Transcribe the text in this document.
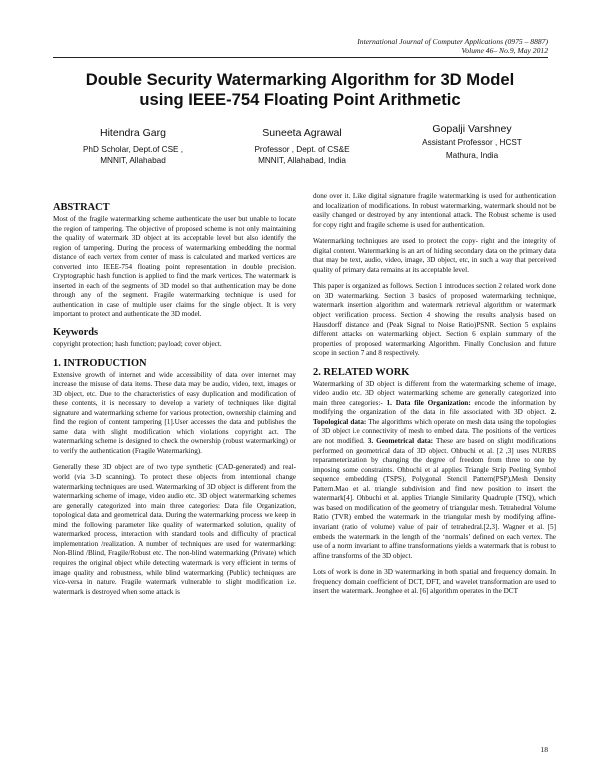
International Journal of Computer Applications (0975 – 8887)
Volume 46– No.9, May 2012
Double Security Watermarking Algorithm for 3D Model
using IEEE-754 Floating Point Arithmetic
Hitendra Garg
PhD Scholar, Dept.of CSE ,
MNNIT, Allahabad
Suneeta Agrawal
Professor , Dept. of CS&E
MNNIT, Allahabad, India
Gopalji Varshney
Assistant Professor , HCST
Mathura, India
ABSTRACT

Most of the fragile watermarking scheme authenticate the user but unable to locate the region of tampering. The objective of proposed scheme is not only maintaining the quality of watermark 3D object at its acceptable level but also identify the region of tampering. During the process of watermarking embedding the normal distance of each vertex from center of mass is calculated and marked vertices are converted into IEEE-754 floating point representation in double precision. Cryptographic hash function is applied to find the mark vertices. The watermark is inserted in each of the segments of 3D model so that authentication may be done through any of the segment. Fragile watermarking technique is used for authentication in case of multiple user claims for the single object. It is very important to protect and authenticate the 3D model.

Keywords

copyright protection; hash function; payload; cover object.

1. INTRODUCTION

Extensive growth of internet and wide accessibility of data over internet may increase the misuse of data items. These data may be audio, video, text, images or 3D object, etc. Due to the characteristics of easy duplication and modification of these contents, it is necessary to develop a variety of techniques like digital signature and watermarking scheme for various protection, ownership claiming and find the region of content tampering [1].User accesses the data and publishes the same data with slight modification which violations copyright act. The watermarking scheme is designed to check the ownership (robust watermarking) or to verify the authentication (Fragile Watermarking).

Generally these 3D object are of two type synthetic (CAD-generated) and real-world (via 3-D scanning). To protect these objects from intentional change watermarking techniques are used. Watermarking of 3D object is different from the watermarking scheme of image, video audio etc. 3D object watermarking schemes are generally categorized into main three categories: Data file Organization, topological data and geometrical data. During the watermarking process we keep in mind the following parameter like quality of watermarked solution, quality of watermarked process, interaction with standard tools and difficulty of practical implementation /realization. A number of techniques are used for watermarking: Non-Blind /Blind, Fragile/Robust etc. The non-blind watermarking (Private) which requires the original object while detecting watermark is very efficient in terms of image quality and robustness, while blind watermarking (Public) techniques are vice-versa in nature. Fragile watermark vulnerable to slight modification i.e. watermark is destroyed when some attack is

done over it. Like digital signature fragile watermarking is used for authentication and localization of modifications. In robust watermarking, watermark should not be easily changed or destroyed by any intentional attack. The Robust scheme is used for copy right and fragile scheme is used for authentication.

Watermarking techniques are used to protect the copy- right and the integrity of digital content. Watermarking is an art of hiding secondary data on the primary data that may be text, audio, video, image, 3D object, etc, in such a way that perceived quality of primary data remains at its acceptable level.

This paper is organized as follows. Section 1 introduces section 2 related work done on 3D watermarking. Section 3 basics of proposed watermarking technique, watermark insertion algorithm and watermark retrieval algorithm or watermark object verification process. Section 4 showing the results analysis based on Hausdorff distance and (Peak Signal to Noise Ratio)PSNR. Section 5 explains different attacks on watermarking object. Section 6 explain summary of the properties of proposed watermarking Algorithm. Finally Conclusion and future scope in section 7 and 8 respectively.

2. RELATED WORK

Watermarking of 3D object is different from the watermarking scheme of image, video audio etc. 3D object watermarking scheme are generally categorized into main three categories:- 1. Data file Organization: encode the information by modifying the organization of the data in file associated with 3D object. 2. Topological data: The algorithms which operate on mesh data using the topologies of 3D object i.e connectivity of mesh to embed data. The positions of the vertices are not modified. 3. Geometrical data: These are based on slight modifications performed on geometrical data of 3D object. Ohbuchi et al. [2 ,3] uses NURBS reparameterization by changing the degree of freedom from three to one by imposing some constraints. Ohbuchi et al applies Triangle Strip Peeling Symbol sequence embedding (TSPS), Polygonal Stencil Pattern(PSP),Mesh Density Pattern.Mao et al. triangle subdivision and find new position to insert the watermark[4]. Ohbuchi et al. applies Triangle Similarity Quadruple (TSQ), which was based on modification of the geometry of triangular mesh. Tetrahedral Volume Ratio (TVR) embed the watermark in the triangular mesh by modifying affine-invariant (ratio of volume) value of pair of tetrahedral.[2,3]. Wagner et al. [5] embeds the watermark in the length of the ‘normals’ defined on each vertex. The use of a norm invariant to affine transformations yields a watermark that is robust to affine transforms of the 3D object.

Lots of work is done in 3D watermarking in both spatial and frequency domain. In frequency domain coefficient of DCT, DFT, and wavelet transformation are used to insert the watermark. Jeonghee et al. [6] algorithm operates in the DCT

18
